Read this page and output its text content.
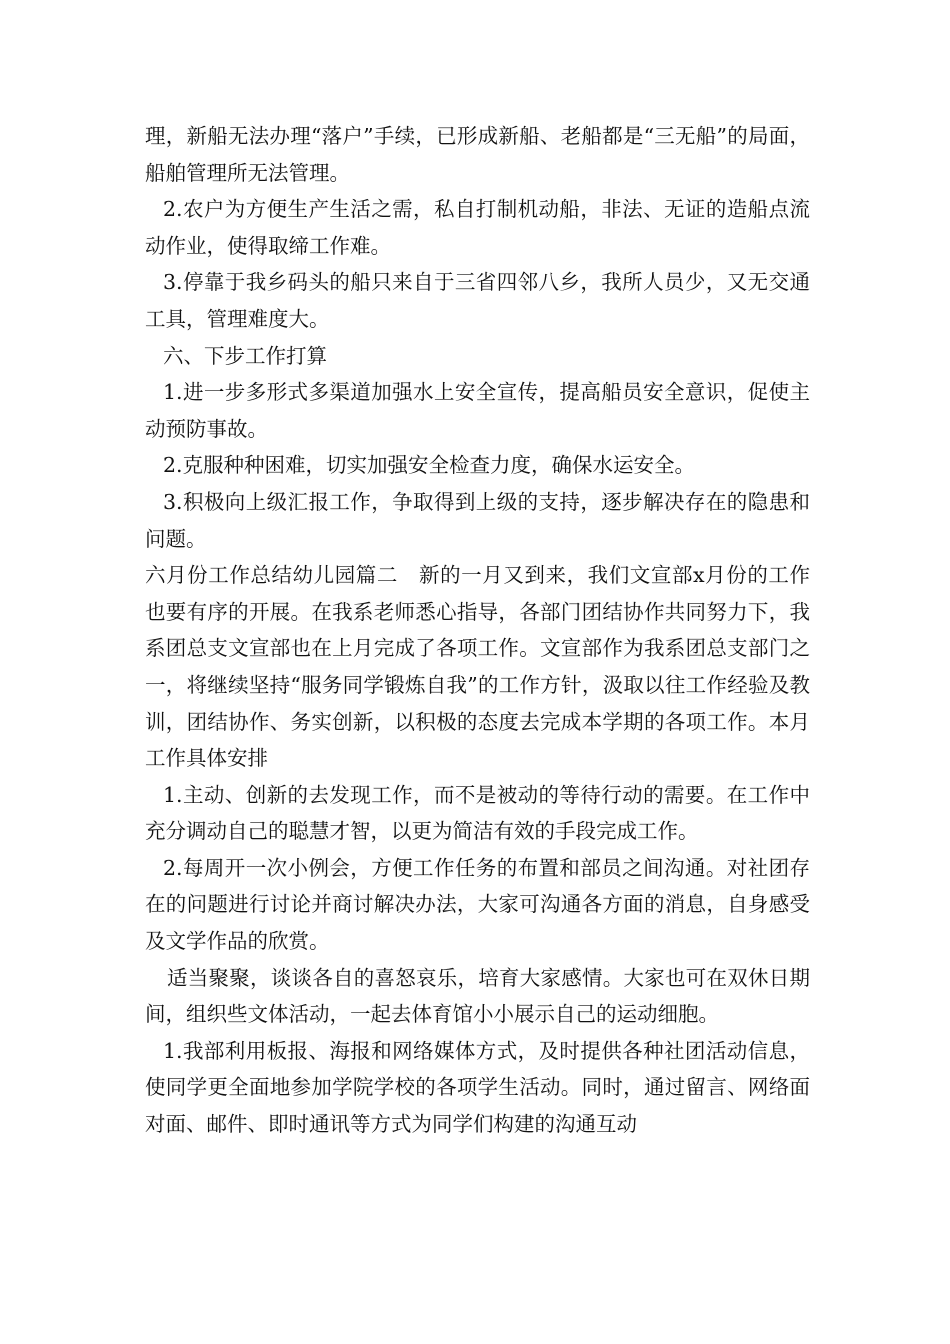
理，新船无法办理“落户”手续，已形成新船、老船都是“三无船”的局面，船舶管理所无法管理。

2.农户为方便生产生活之需，私自打制机动船，非法、无证的造船点流动作业，使得取缔工作难。

3.停靠于我乡码头的船只来自于三省四邻八乡，我所人员少，又无交通工具，管理难度大。

六、下步工作打算

1.进一步多形式多渠道加强水上安全宣传，提高船员安全意识，促使主动预防事故。

2.克服种种困难，切实加强安全检查力度，确保水运安全。

3.积极向上级汇报工作，争取得到上级的支持，逐步解决存在的隐患和问题。

六月份工作总结幼儿园篇二　新的一月又到来，我们文宣部x月份的工作也要有序的开展。在我系老师悉心指导，各部门团结协作共同努力下，我系团总支文宣部也在上月完成了各项工作。文宣部作为我系团总支部门之一，将继续坚持“服务同学锻炼自我”的工作方针，汲取以往工作经验及教训，团结协作、务实创新，以积极的态度去完成本学期的各项工作。本月工作具体安排

1.主动、创新的去发现工作，而不是被动的等待行动的需要。在工作中充分调动自己的聪慧才智，以更为简洁有效的手段完成工作。

2.每周开一次小例会，方便工作任务的布置和部员之间沟通。对社团存在的问题进行讨论并商讨解决办法，大家可沟通各方面的消息，自身感受及文学作品的欣赏。

适当聚聚，谈谈各自的喜怒哀乐，培育大家感情。大家也可在双休日期间，组织些文体活动，一起去体育馆小小展示自己的运动细胞。

1.我部利用板报、海报和网络媒体方式，及时提供各种社团活动信息，使同学更全面地参加学院学校的各项学生活动。同时，通过留言、网络面对面、邮件、即时通讯等方式为同学们构建的沟通互动
